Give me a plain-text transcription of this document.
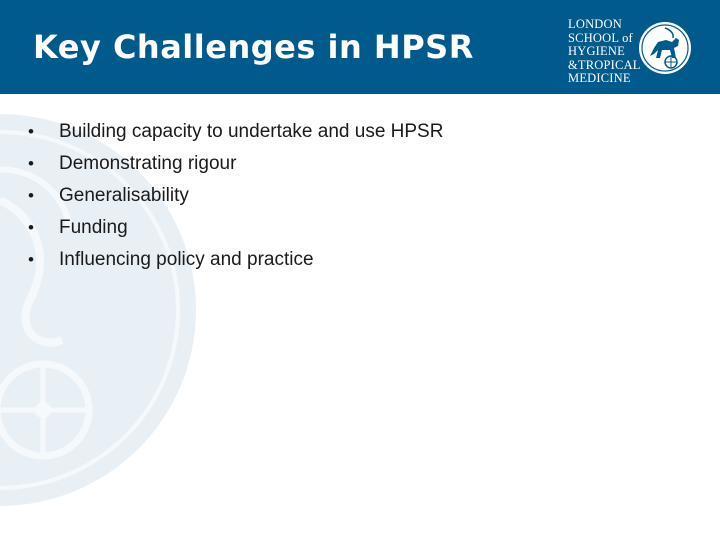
Key Challenges in HPSR
LONDON
SCHOOL of
HYGIENE
&TROPICAL
MEDICINE
• Building capacity to undertake and use HPSR
• Demonstrating rigour
• Generalisability
• Funding
• Influencing policy and practice
